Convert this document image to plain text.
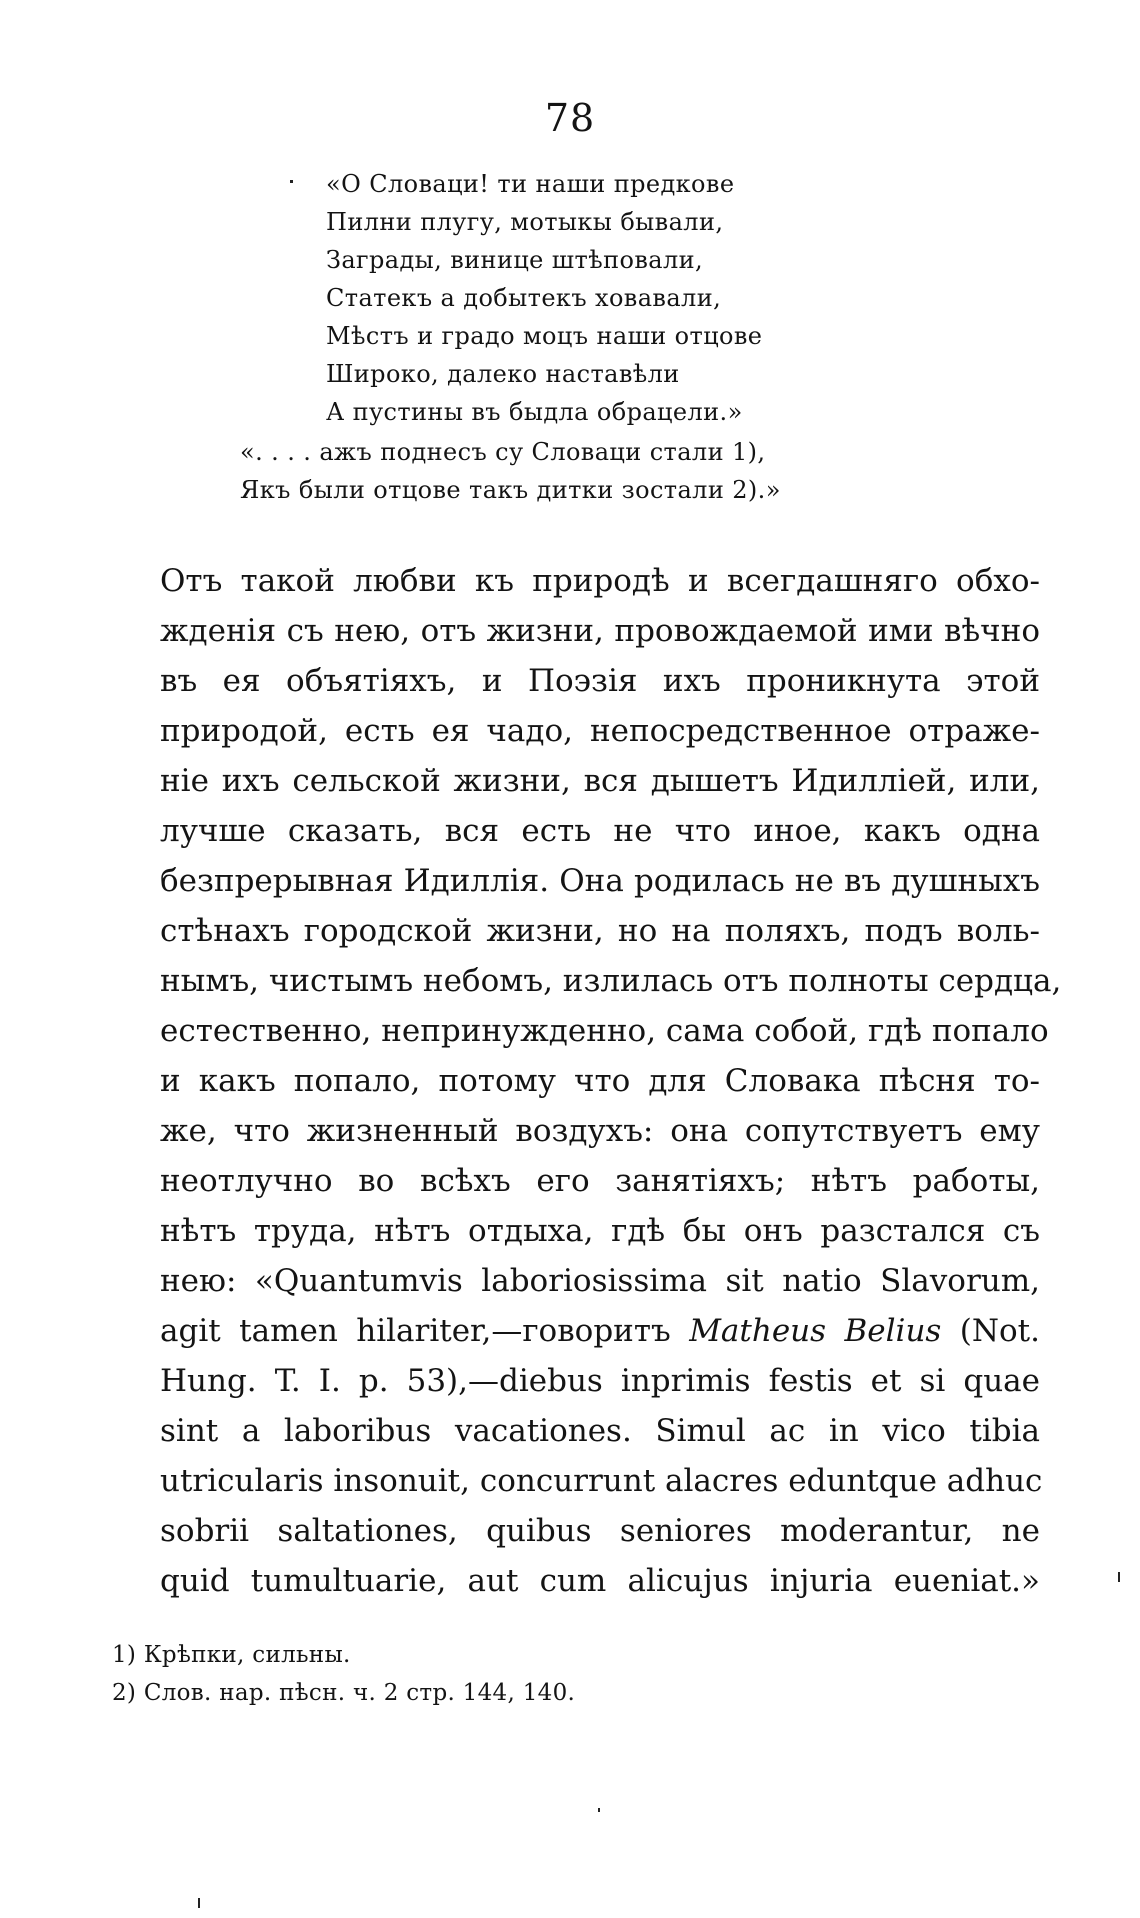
78
«О Словаци! ти наши предкове
Пилни плугу, мотыкы бывали,
Заграды, винице штѣповали,
Статекъ а добытекъ ховавали,
Мѣстъ и градо моцъ наши отцове
Широко, далеко наставѣли
А пустины въ быдла обрацели.»
«. . . . ажъ поднесъ су Словаци стали 1),
Якъ были отцове такъ дитки зостали 2).»
Отъ такой любви къ природѣ и всегдашняго обхо-
жденія съ нею, отъ жизни, провождаемой ими вѣчно
въ ея объятіяхъ, и Поэзія ихъ проникнута этой
природой, есть ея чадо, непосредственное отраже-
ніе ихъ сельской жизни, вся дышетъ Идиллiей, или,
лучше сказать, вся есть не что иное, какъ одна
безпрерывная Идиллія. Она родилась не въ душныхъ
стѣнахъ городской жизни, но на поляхъ, подъ воль-
нымъ, чистымъ небомъ, излилась отъ полноты сердца,
естественно, непринужденно, сама собой, гдѣ попало
и какъ попало, потому что для Словака пѣсня то-
же, что жизненный воздухъ: она сопутствуетъ ему
неотлучно во всѣхъ его занятіяхъ; нѣтъ работы,
нѣтъ труда, нѣтъ отдыха, гдѣ бы онъ разстался съ
нею: «Quantumvis laboriosissima sit natio Slavorum,
agit tamen hilariter,—говоритъ Matheus Belius (Not.
Hung. T. I. p. 53),—diebus inprimis festis et si quae
sint a laboribus vacationes. Simul ac in vico tibia
utricularis insonuit, concurrunt alacres eduntque adhuc
sobrii saltationes, quibus seniores moderantur, ne
quid tumultuarie, aut cum alicujus injuria eueniat.»
1) Крѣпки, сильны.
2) Слов. нар. пѣсн. ч. 2 стр. 144, 140.
